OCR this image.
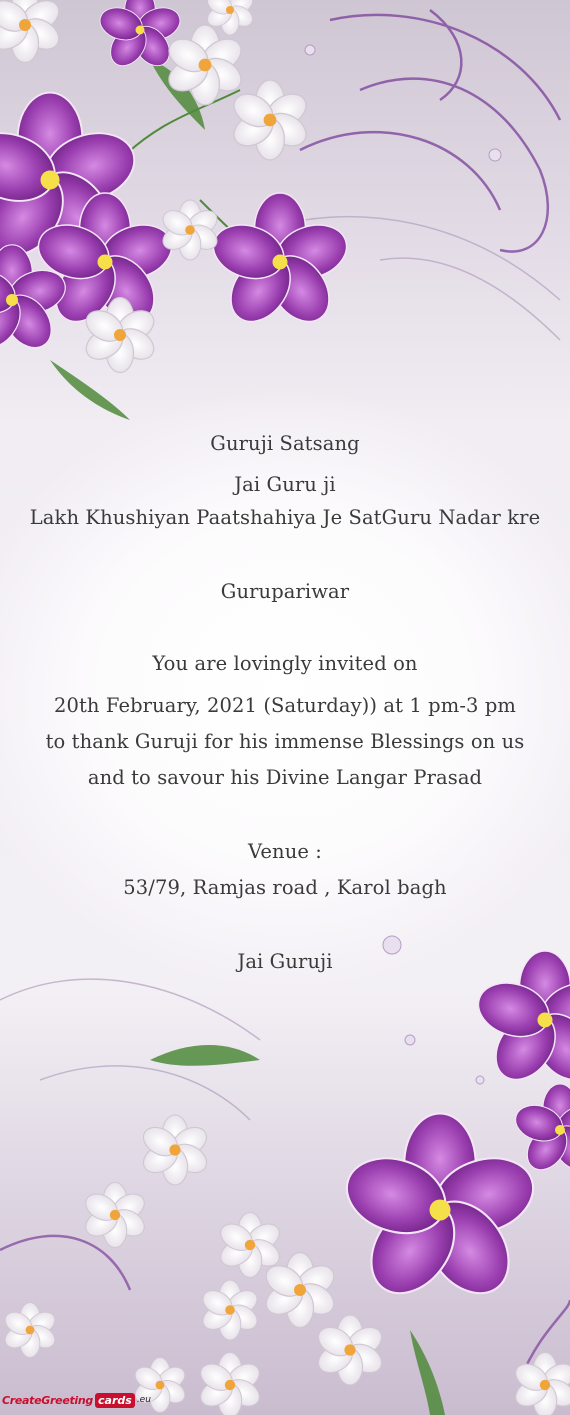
Guruji Satsang
Jai Guru ji
Lakh Khushiyan Paatshahiya Je SatGuru Nadar kre
Gurupariwar
You are lovingly invited on
20th February, 2021 (Saturday)) at 1 pm-3 pm
to thank Guruji for his immense Blessings on us
and to savour his Divine Langar Prasad
Venue :
53/79, Ramjas road , Karol bagh
Jai Guruji
CreateGreeting cards .eu
